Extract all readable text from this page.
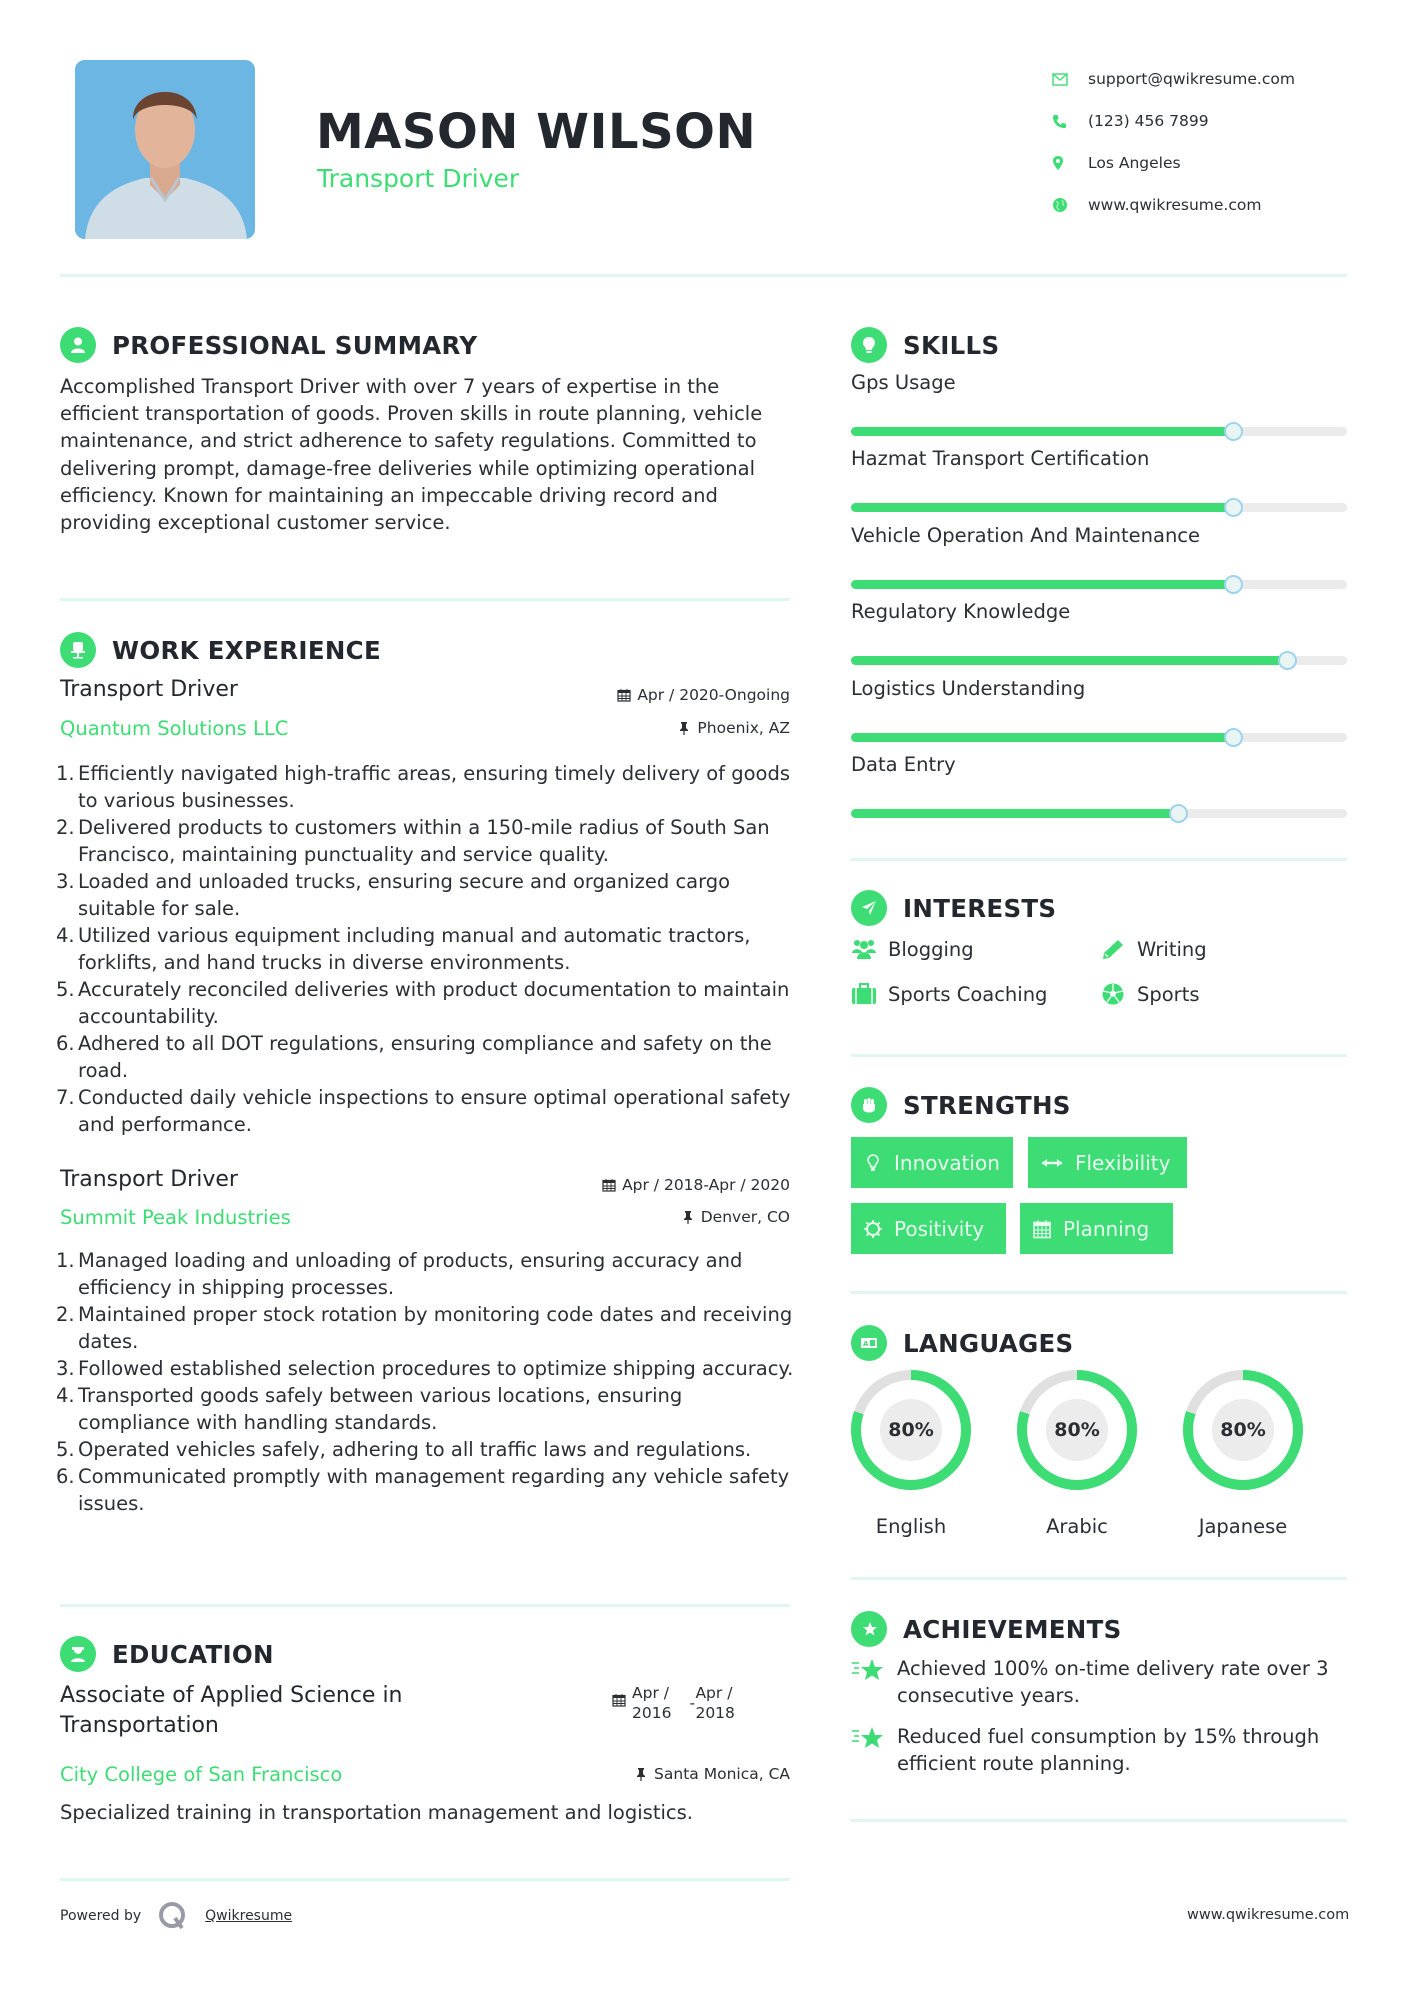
MASON WILSON
Transport Driver
support@qwikresume.com
(123) 456 7899
Los Angeles
www.qwikresume.com
PROFESSIONAL SUMMARY
Accomplished Transport Driver with over 7 years of expertise in the efficient transportation of goods. Proven skills in route planning, vehicle maintenance, and strict adherence to safety regulations. Committed to delivering prompt, damage-free deliveries while optimizing operational efficiency. Known for maintaining an impeccable driving record and providing exceptional customer service.
WORK EXPERIENCE
Transport Driver	Apr / 2020-Ongoing
Quantum Solutions LLC	Phoenix, AZ
Efficiently navigated high-traffic areas, ensuring timely delivery of goods to various businesses.
Delivered products to customers within a 150-mile radius of South San Francisco, maintaining punctuality and service quality.
Loaded and unloaded trucks, ensuring secure and organized cargo suitable for sale.
Utilized various equipment including manual and automatic tractors, forklifts, and hand trucks in diverse environments.
Accurately reconciled deliveries with product documentation to maintain accountability.
Adhered to all DOT regulations, ensuring compliance and safety on the road.
Conducted daily vehicle inspections to ensure optimal operational safety and performance.
Transport Driver	Apr / 2018-Apr / 2020
Summit Peak Industries	Denver, CO
Managed loading and unloading of products, ensuring accuracy and efficiency in shipping processes.
Maintained proper stock rotation by monitoring code dates and receiving dates.
Followed established selection procedures to optimize shipping accuracy.
Transported goods safely between various locations, ensuring compliance with handling standards.
Operated vehicles safely, adhering to all traffic laws and regulations.
Communicated promptly with management regarding any vehicle safety issues.
EDUCATION
Associate of Applied Science in
Transportation
Apr /
2016
-
Apr /
2018
City College of San Francisco	Santa Monica, CA
Specialized training in transportation management and logistics.
SKILLS
Gps Usage
Hazmat Transport Certification
Vehicle Operation And Maintenance
Regulatory Knowledge
Logistics Understanding
Data Entry
INTERESTS
Blogging	Writing
Sports Coaching	Sports
STRENGTHS
Innovation	Flexibility
Positivity	Planning
A LANGUAGES
80%
English
80%
Arabic
80%
Japanese
ACHIEVEMENTS
Achieved 100% on-time delivery rate over 3 consecutive years.
Reduced fuel consumption by 15% through efficient route planning.
Powered by	Qwikresume	www.qwikresume.com
